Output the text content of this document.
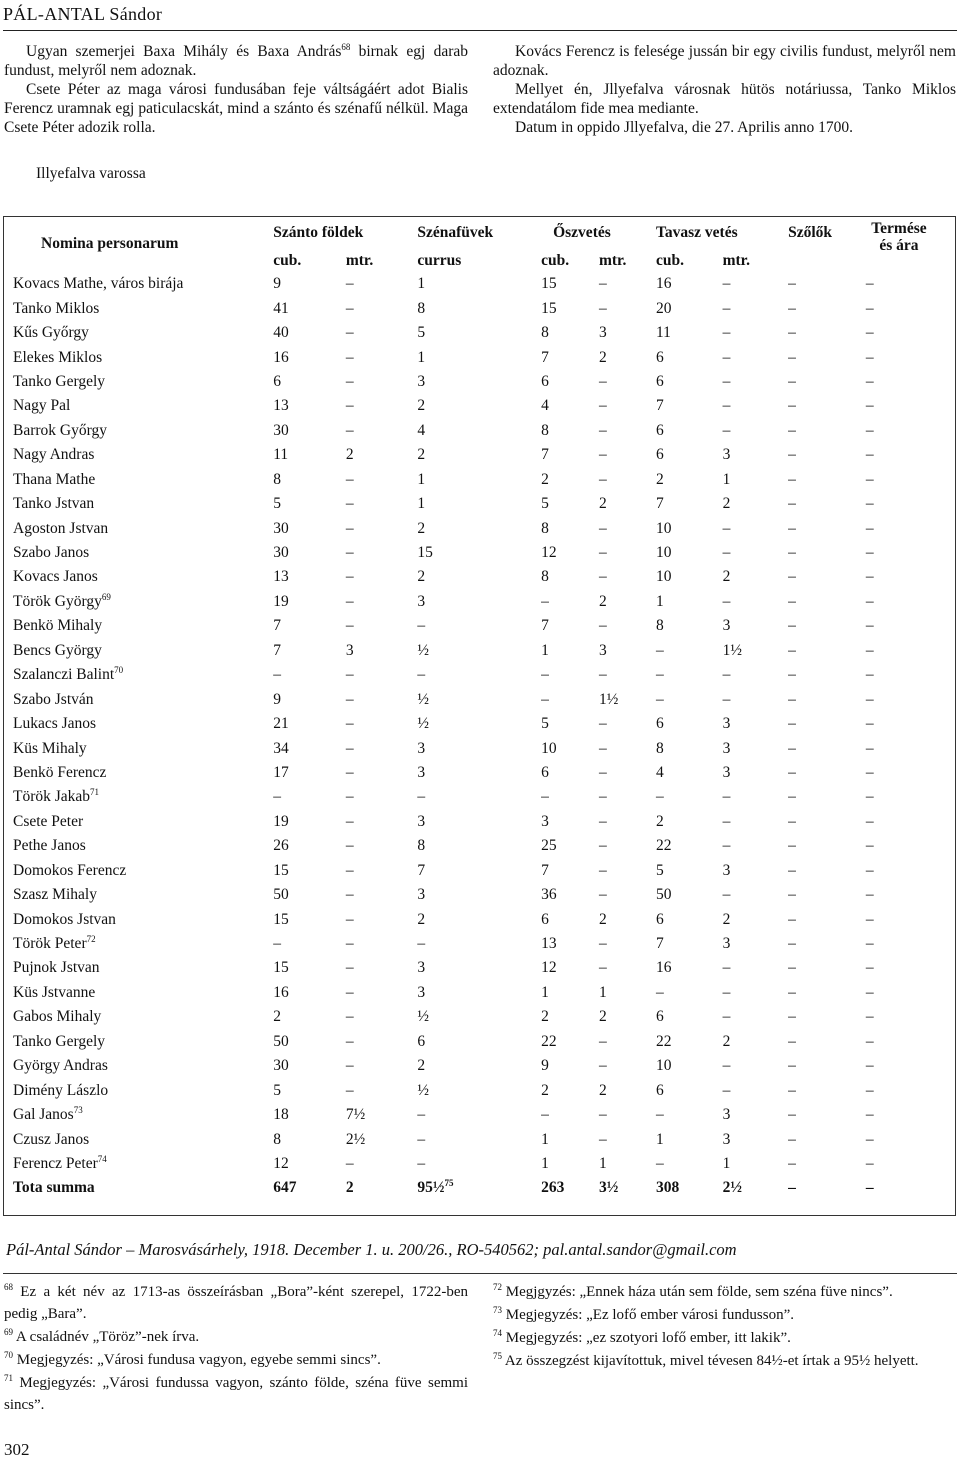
PÁL-ANTAL Sándor

Ugyan szemerjei Baxa Mihály és Baxa András$^{68}$ birnak egj darab fundust, melyről nem adoznak.

Csete Péter az maga városi fundusában feje váltságáért adot Bialis Ferencz uramnak egj paticulacskát, mind a szánto és szénafű nélkül. Maga Csete Péter adozik rolla.

Kovács Ferencz is felesége jussán bir egy civilis fundust, melyről nem adoznak.

Mellyet én, Jllyefalva városnak hütös notáriussa, Tanko Miklos extendatálom fide mea mediante.

Datum in oppido Jllyefalva, die 27. Aprilis anno 1700.

Illyefalva varossa
Nomina personarum	Szánto földek		Szénafüvek	Őszvetés		Tavasz vetés		Szőlők	Termése
és ára
	cub.	mtr.	currus	cub.	mtr.	cub.	mtr.		
Kovacs Mathe, város birája	9	–	1	15	–	16	–	–	–
Tanko Miklos	41	–	8	15	–	20	–	–	–
Kűs Győrgy	40	–	5	8	3	11	–	–	–
Elekes Miklos	16	–	1	7	2	6	–	–	–
Tanko Gergely	6	–	3	6	–	6	–	–	–
Nagy Pal	13	–	2	4	–	7	–	–	–
Barrok Győrgy	30	–	4	8	–	6	–	–	–
Nagy Andras	11	2	2	7	–	6	3	–	–
Thana Mathe	8	–	1	2	–	2	1	–	–
Tanko Jstvan	5	–	1	5	2	7	2	–	–
Agoston Jstvan	30	–	2	8	–	10	–	–	–
Szabo Janos	30	–	15	12	–	10	–	–	–
Kovacs Janos	13	–	2	8	–	10	2	–	–
Török György$^{69}$	19	–	3	–	2	1	–	–	–
Benkö Mihaly	7	–	–	7	–	8	3	–	–
Bencs György	7	3	½	1	3	–	1½	–	–
Szalanczi Balint$^{70}$	–	–	–	–	–	–	–	–	–
Szabo Jstván	9	–	½	–	1½	–	–	–	–
Lukacs Janos	21	–	½	5	–	6	3	–	–
Küs Mihaly	34	–	3	10	–	8	3	–	–
Benkö Ferencz	17	–	3	6	–	4	3	–	–
Török Jakab$^{71}$	–	–	–	–	–	–	–	–	–
Csete Peter	19	–	3	3	–	2	–	–	–
Pethe Janos	26	–	8	25	–	22	–	–	–
Domokos Ferencz	15	–	7	7	–	5	3	–	–
Szasz Mihaly	50	–	3	36	–	50	–	–	–
Domokos Jstvan	15	–	2	6	2	6	2	–	–
Török Peter$^{72}$	–	–	–	13	–	7	3	–	–
Pujnok Jstvan	15	–	3	12	–	16	–	–	–
Küs Jstvanne	16	–	3	1	1	–	–	–	–
Gabos Mihaly	2	–	½	2	2	6	–	–	–
Tanko Gergely	50	–	6	22	–	22	2	–	–
György Andras	30	–	2	9	–	10	–	–	–
Dimény Lászlo	5	–	½	2	2	6	–	–	–
Gal Janos$^{73}$	18	7½	–	–	–	–	3	–	–
Czusz Janos	8	2½	–	1	–	1	3	–	–
Ferencz Peter$^{74}$	12	–	–	1	1	–	1	–	–
Tota summa	647	2	95½$^{75}$	263	3½	308	2½	–	–
Pál-Antal Sándor – Marosvásárhely, 1918. December 1. u. 200/26., RO-540562; pal.antal.sandor@gmail.com
$^{68}$ Ez a két név az 1713-as összeírásban „Bora”-ként szerepel, 1722-ben pedig „Bara”.
$^{69}$ A családnév „Töröz”-nek írva.
$^{70}$ Megjegyzés: „Városi fundusa vagyon, egyebe semmi sincs”.
$^{71}$ Megjegyzés: „Városi fundussa vagyon, szánto földe, széna füve semmi sincs”.
$^{72}$ Megjgyzés: „Ennek háza után sem földe, sem széna füve nincs”.
$^{73}$ Megjegyzés: „Ez lofő ember városi fundusson”.
$^{74}$ Megjegyzés: „ez szotyori lofő ember, itt lakik”.
$^{75}$ Az összegzést kijavítottuk, mivel tévesen 84½-et írtak a 95½ helyett.
302
